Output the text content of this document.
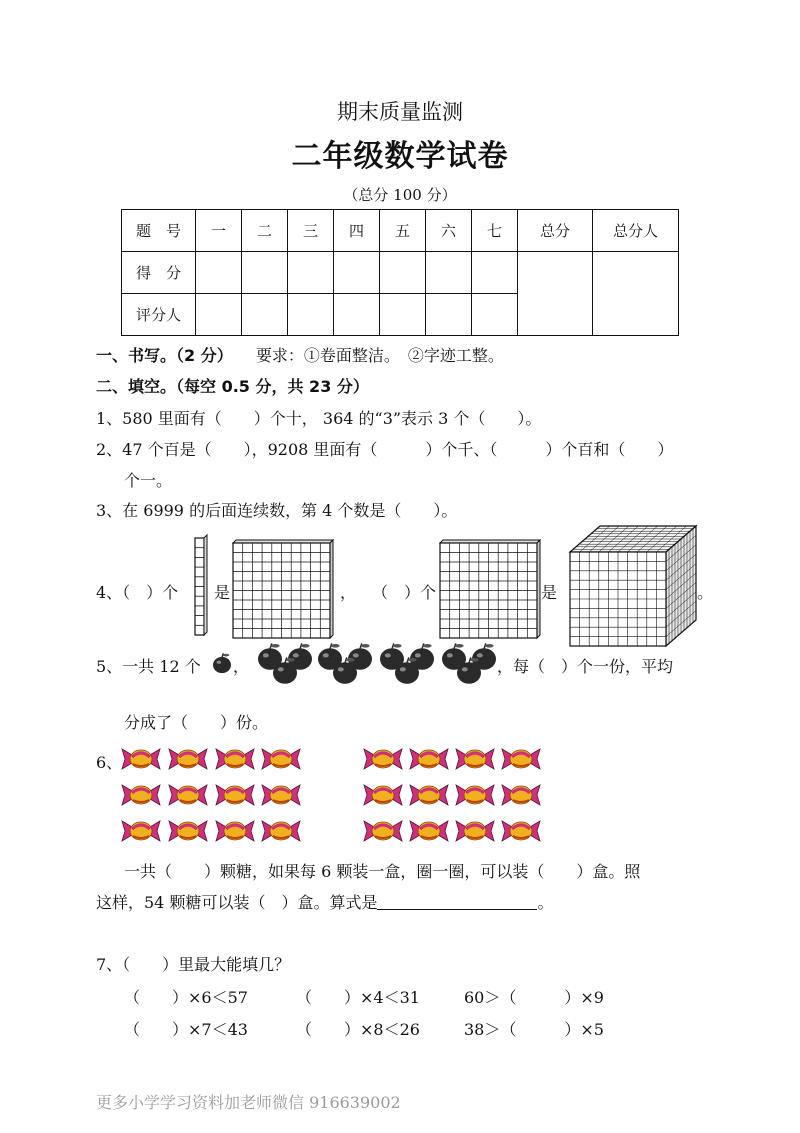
期末质量监测
二年级数学试卷
（总分 100 分）
题　号	一	二	三	四	五	六	七	总分	总分人
得　分									
评分人									
一、书写。（2 分） 要求：①卷面整洁。　②字迹工整。
二、填空。（每空 0.5 分，共 23 分）
1、580 里面有（　　）个十， 364 的“3”表示 3 个（　　）。
2、47 个百是（　　），9208 里面有（　　　）个千、（　　　）个百和（　　）
个一。
3、在 6999 的后面连续数，第 4 个数是（　　）。
4、（　）个 是	， （　）个	是	。
5、一共 12 个 ，	，每（　）个一份，平均
分成了（　　）份。
6、
一共（　　）颗糖，如果每 6 颗装一盒，圈一圈，可以装（　　）盒。照
这样，54 颗糖可以装（　）盒。算式是	。
7、（　　）里最大能填几？
（　　）×6＜57	（　　）×4＜31	60＞（　　　）×9
（　　）×7＜43	（　　）×8＜26	38＞（　　　）×5
更多小学学习资料加老师微信 916639002
